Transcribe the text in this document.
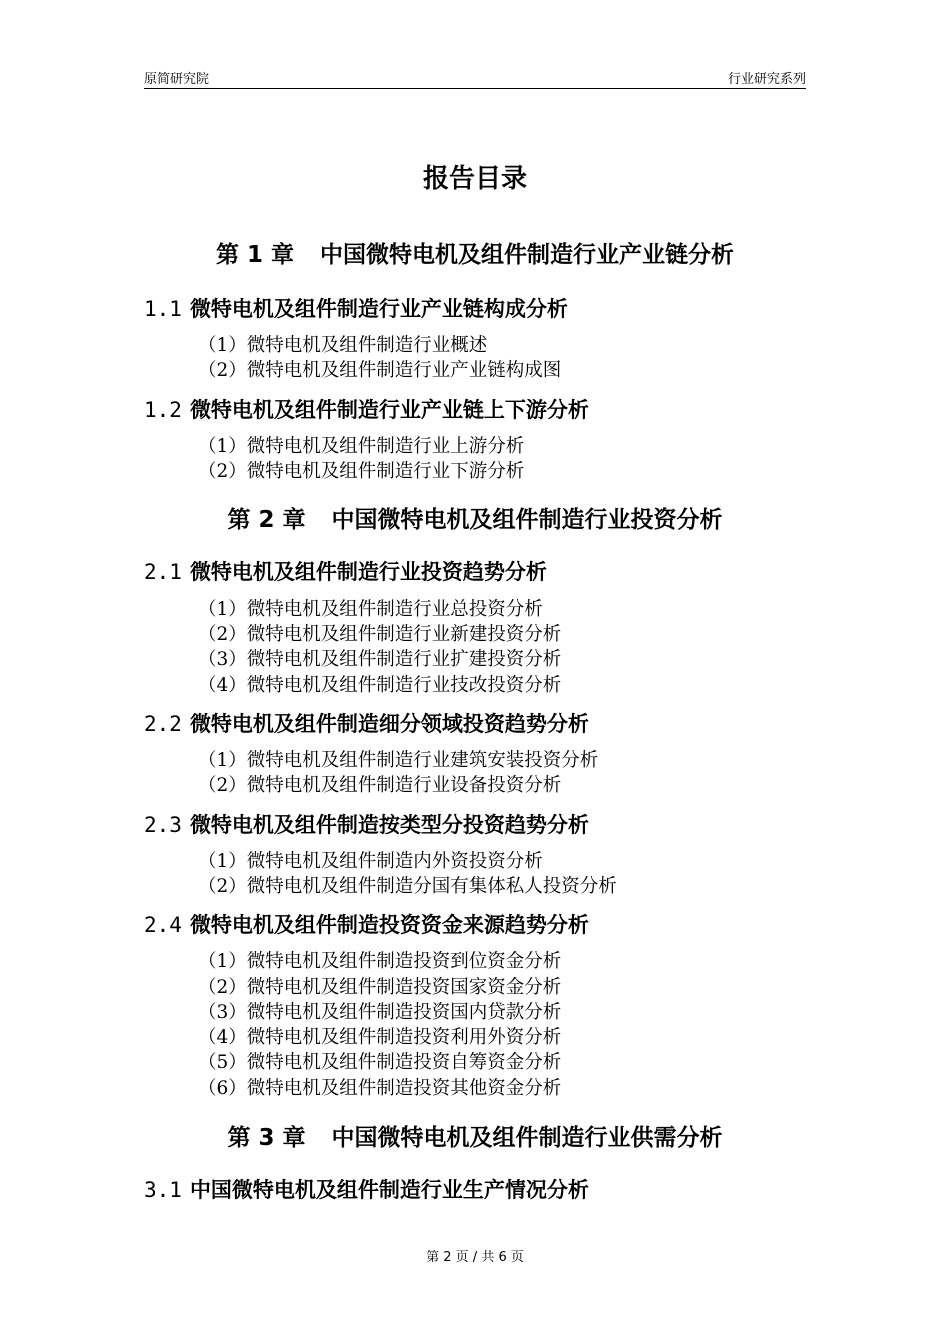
原简研究院	行业研究系列
报告目录
第 1 章 中国微特电机及组件制造行业产业链分析
1.1 微特电机及组件制造行业产业链构成分析
（1）微特电机及组件制造行业概述
（2）微特电机及组件制造行业产业链构成图
1.2 微特电机及组件制造行业产业链上下游分析
（1）微特电机及组件制造行业上游分析
（2）微特电机及组件制造行业下游分析
第 2 章 中国微特电机及组件制造行业投资分析
2.1 微特电机及组件制造行业投资趋势分析
（1）微特电机及组件制造行业总投资分析
（2）微特电机及组件制造行业新建投资分析
（3）微特电机及组件制造行业扩建投资分析
（4）微特电机及组件制造行业技改投资分析
2.2 微特电机及组件制造细分领域投资趋势分析
（1）微特电机及组件制造行业建筑安装投资分析
（2）微特电机及组件制造行业设备投资分析
2.3 微特电机及组件制造按类型分投资趋势分析
（1）微特电机及组件制造内外资投资分析
（2）微特电机及组件制造分国有集体私人投资分析
2.4 微特电机及组件制造投资资金来源趋势分析
（1）微特电机及组件制造投资到位资金分析
（2）微特电机及组件制造投资国家资金分析
（3）微特电机及组件制造投资国内贷款分析
（4）微特电机及组件制造投资利用外资分析
（5）微特电机及组件制造投资自筹资金分析
（6）微特电机及组件制造投资其他资金分析
第 3 章 中国微特电机及组件制造行业供需分析
3.1 中国微特电机及组件制造行业生产情况分析
第 2 页 / 共 6 页
